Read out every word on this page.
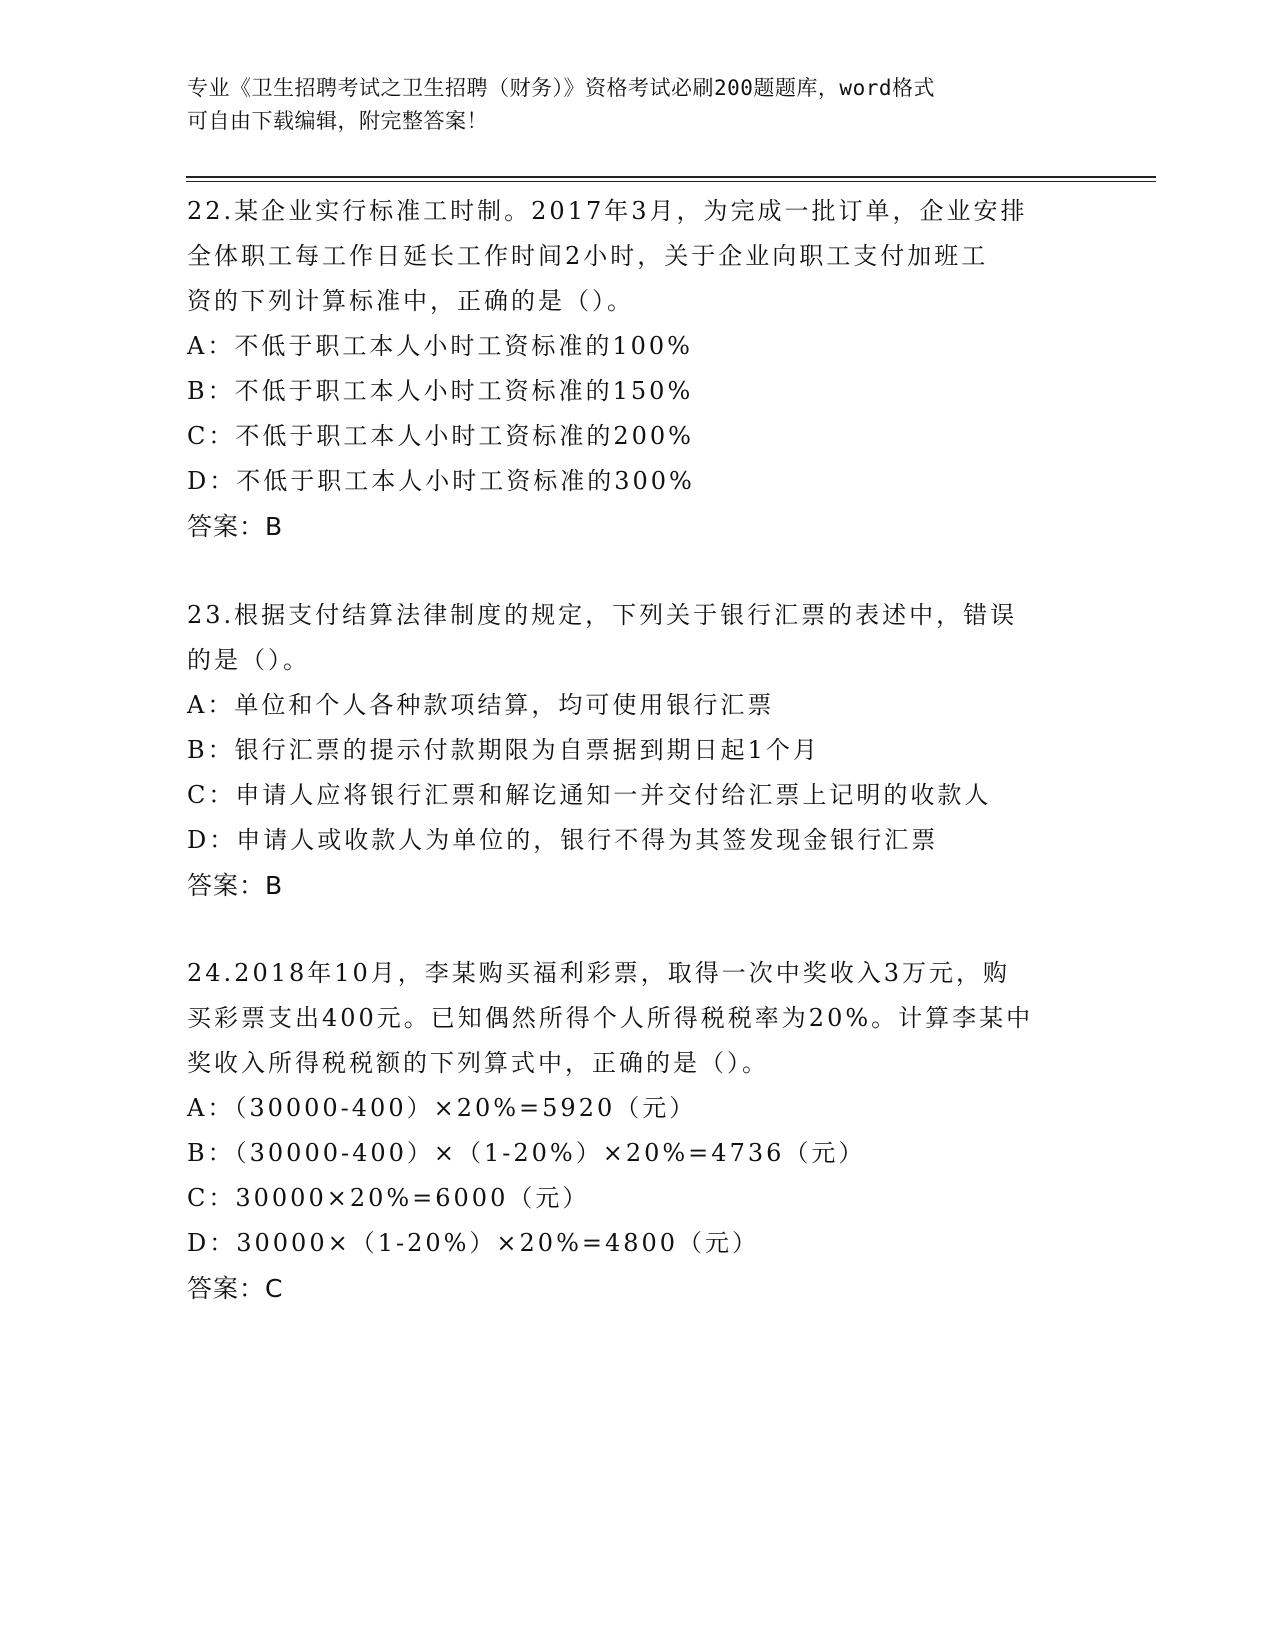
专业《卫生招聘考试之卫生招聘（财务）》资格考试必刷200题题库，word格式
可自由下载编辑，附完整答案！
22.某企业实行标准工时制。2017年3月，为完成一批订单，企业安排
全体职工每工作日延长工作时间2小时，关于企业向职工支付加班工
资的下列计算标准中，正确的是（）。
A：不低于职工本人小时工资标准的100%
B：不低于职工本人小时工资标准的150%
C：不低于职工本人小时工资标准的200%
D：不低于职工本人小时工资标准的300%
答案：B
23.根据支付结算法律制度的规定，下列关于银行汇票的表述中，错误
的是（）。
A：单位和个人各种款项结算，均可使用银行汇票
B：银行汇票的提示付款期限为自票据到期日起1个月
C：申请人应将银行汇票和解讫通知一并交付给汇票上记明的收款人
D：申请人或收款人为单位的，银行不得为其签发现金银行汇票
答案：B
24.2018年10月，李某购买福利彩票，取得一次中奖收入3万元，购
买彩票支出400元。已知偶然所得个人所得税税率为20%。计算李某中
奖收入所得税税额的下列算式中，正确的是（）。
A：（30000-400）×20%=5920（元）
B：（30000-400）×（1-20%）×20%=4736（元）
C：30000×20%=6000（元）
D：30000×（1-20%）×20%=4800（元）
答案：C
